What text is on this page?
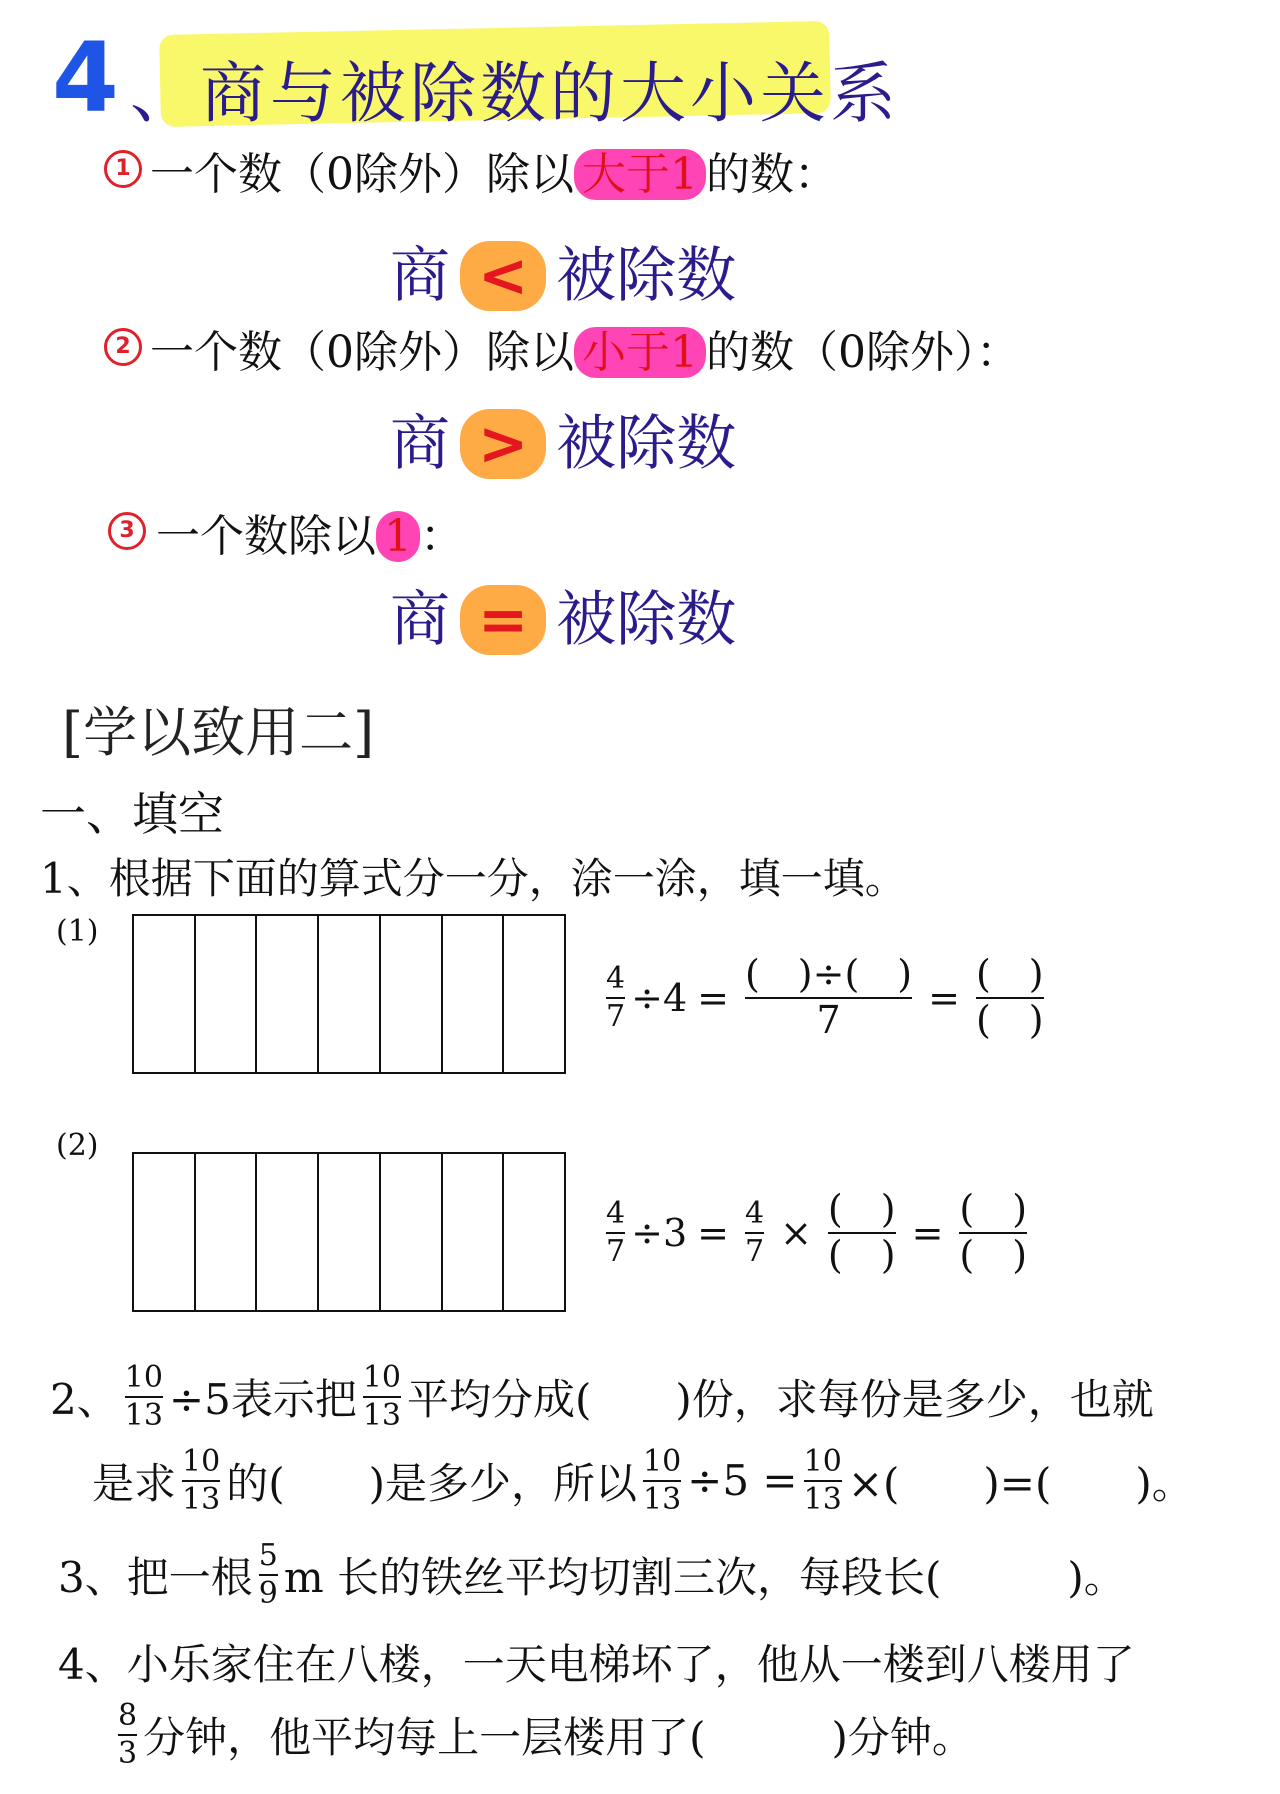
4 、商与被除数的大小关系
1 一个数（0除外）除以 大于1 的数：
商 < 被除数
2 一个数（0除外）除以 小于1 的数（0除外）：
商 > 被除数
3 一个数除以 1 ：
商 = 被除数
[学以致用二]
一、填空
1、根据下面的算式分一分，涂一涂，填一填。
(1)
$\frac{4}{7} \div 4 = \frac{( )\div( )}{7} = \frac{( )}{( )}$
(2)
$\frac{4}{7} \div 3 = \frac{4}{7} \times \frac{( )}{( )} = \frac{( )}{( )}$
2、 $\frac{10}{13} \div 5$表示把 $\frac{10}{13}$ 平均分成(　　)份，求每份是多少，也就
是求 $\frac{10}{13}$ 的(　　)是多少，所以 $\frac{10}{13} \div 5 = \frac{10}{13}$ ×(　　)=(　　)。
3、把一根 $\frac{5}{9}$ m 长的铁丝平均切割三次，每段长(　　　)。
4、小乐家住在八楼，一天电梯坏了，他从一楼到八楼用了
$\frac{8}{3}$ 分钟，他平均每上一层楼用了(　　　)分钟。
